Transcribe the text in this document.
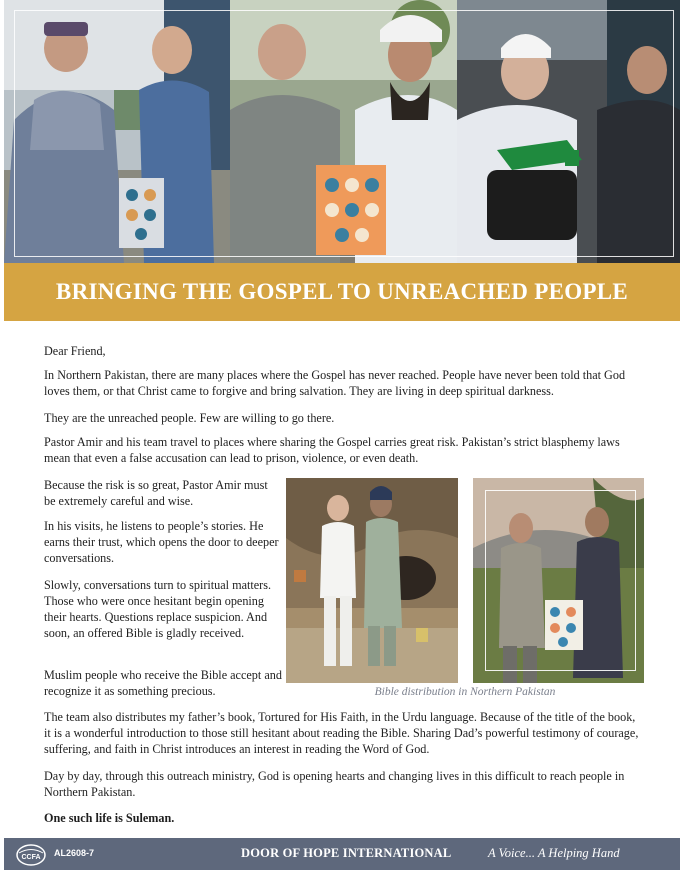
BRINGING THE GOSPEL TO UNREACHED PEOPLE

Dear Friend,

In Northern Pakistan, there are many places where the Gospel has never reached. People have never been told that God loves them, or that Christ came to forgive and bring salvation. They are living in deep spiritual darkness.

They are the unreached people. Few are willing to go there.

Pastor Amir and his team travel to places where sharing the Gospel carries great risk. Pakistan’s strict blasphemy laws mean that even a false accusation can lead to prison, violence, or even death.

Because the risk is so great, Pastor Amir must be extremely careful and wise.

In his visits, he listens to people’s stories. He earns their trust, which opens the door to deeper conversations.

Slowly, conversations turn to spiritual matters. Those who were once hesitant begin opening their hearts. Questions replace suspicion. And soon, an offered Bible is gladly received.

Muslim people who receive the Bible accept and recognize it as something precious.	Bible distribution in Northern Pakistan

The team also distributes my father’s book, Tortured for His Faith, in the Urdu language. Because of the title of the book, it is a wonderful introduction to those still hesitant about reading the Bible. Sharing Dad’s powerful testimony of courage, suffering, and faith in Christ introduces an interest in reading the Word of God.

Day by day, through this outreach ministry, God is opening hearts and changing lives in this difficult to reach people in Northern Pakistan.

One such life is Suleman.

CCFA AL2608-7	DOOR OF HOPE INTERNATIONAL	A Voice... A Helping Hand
